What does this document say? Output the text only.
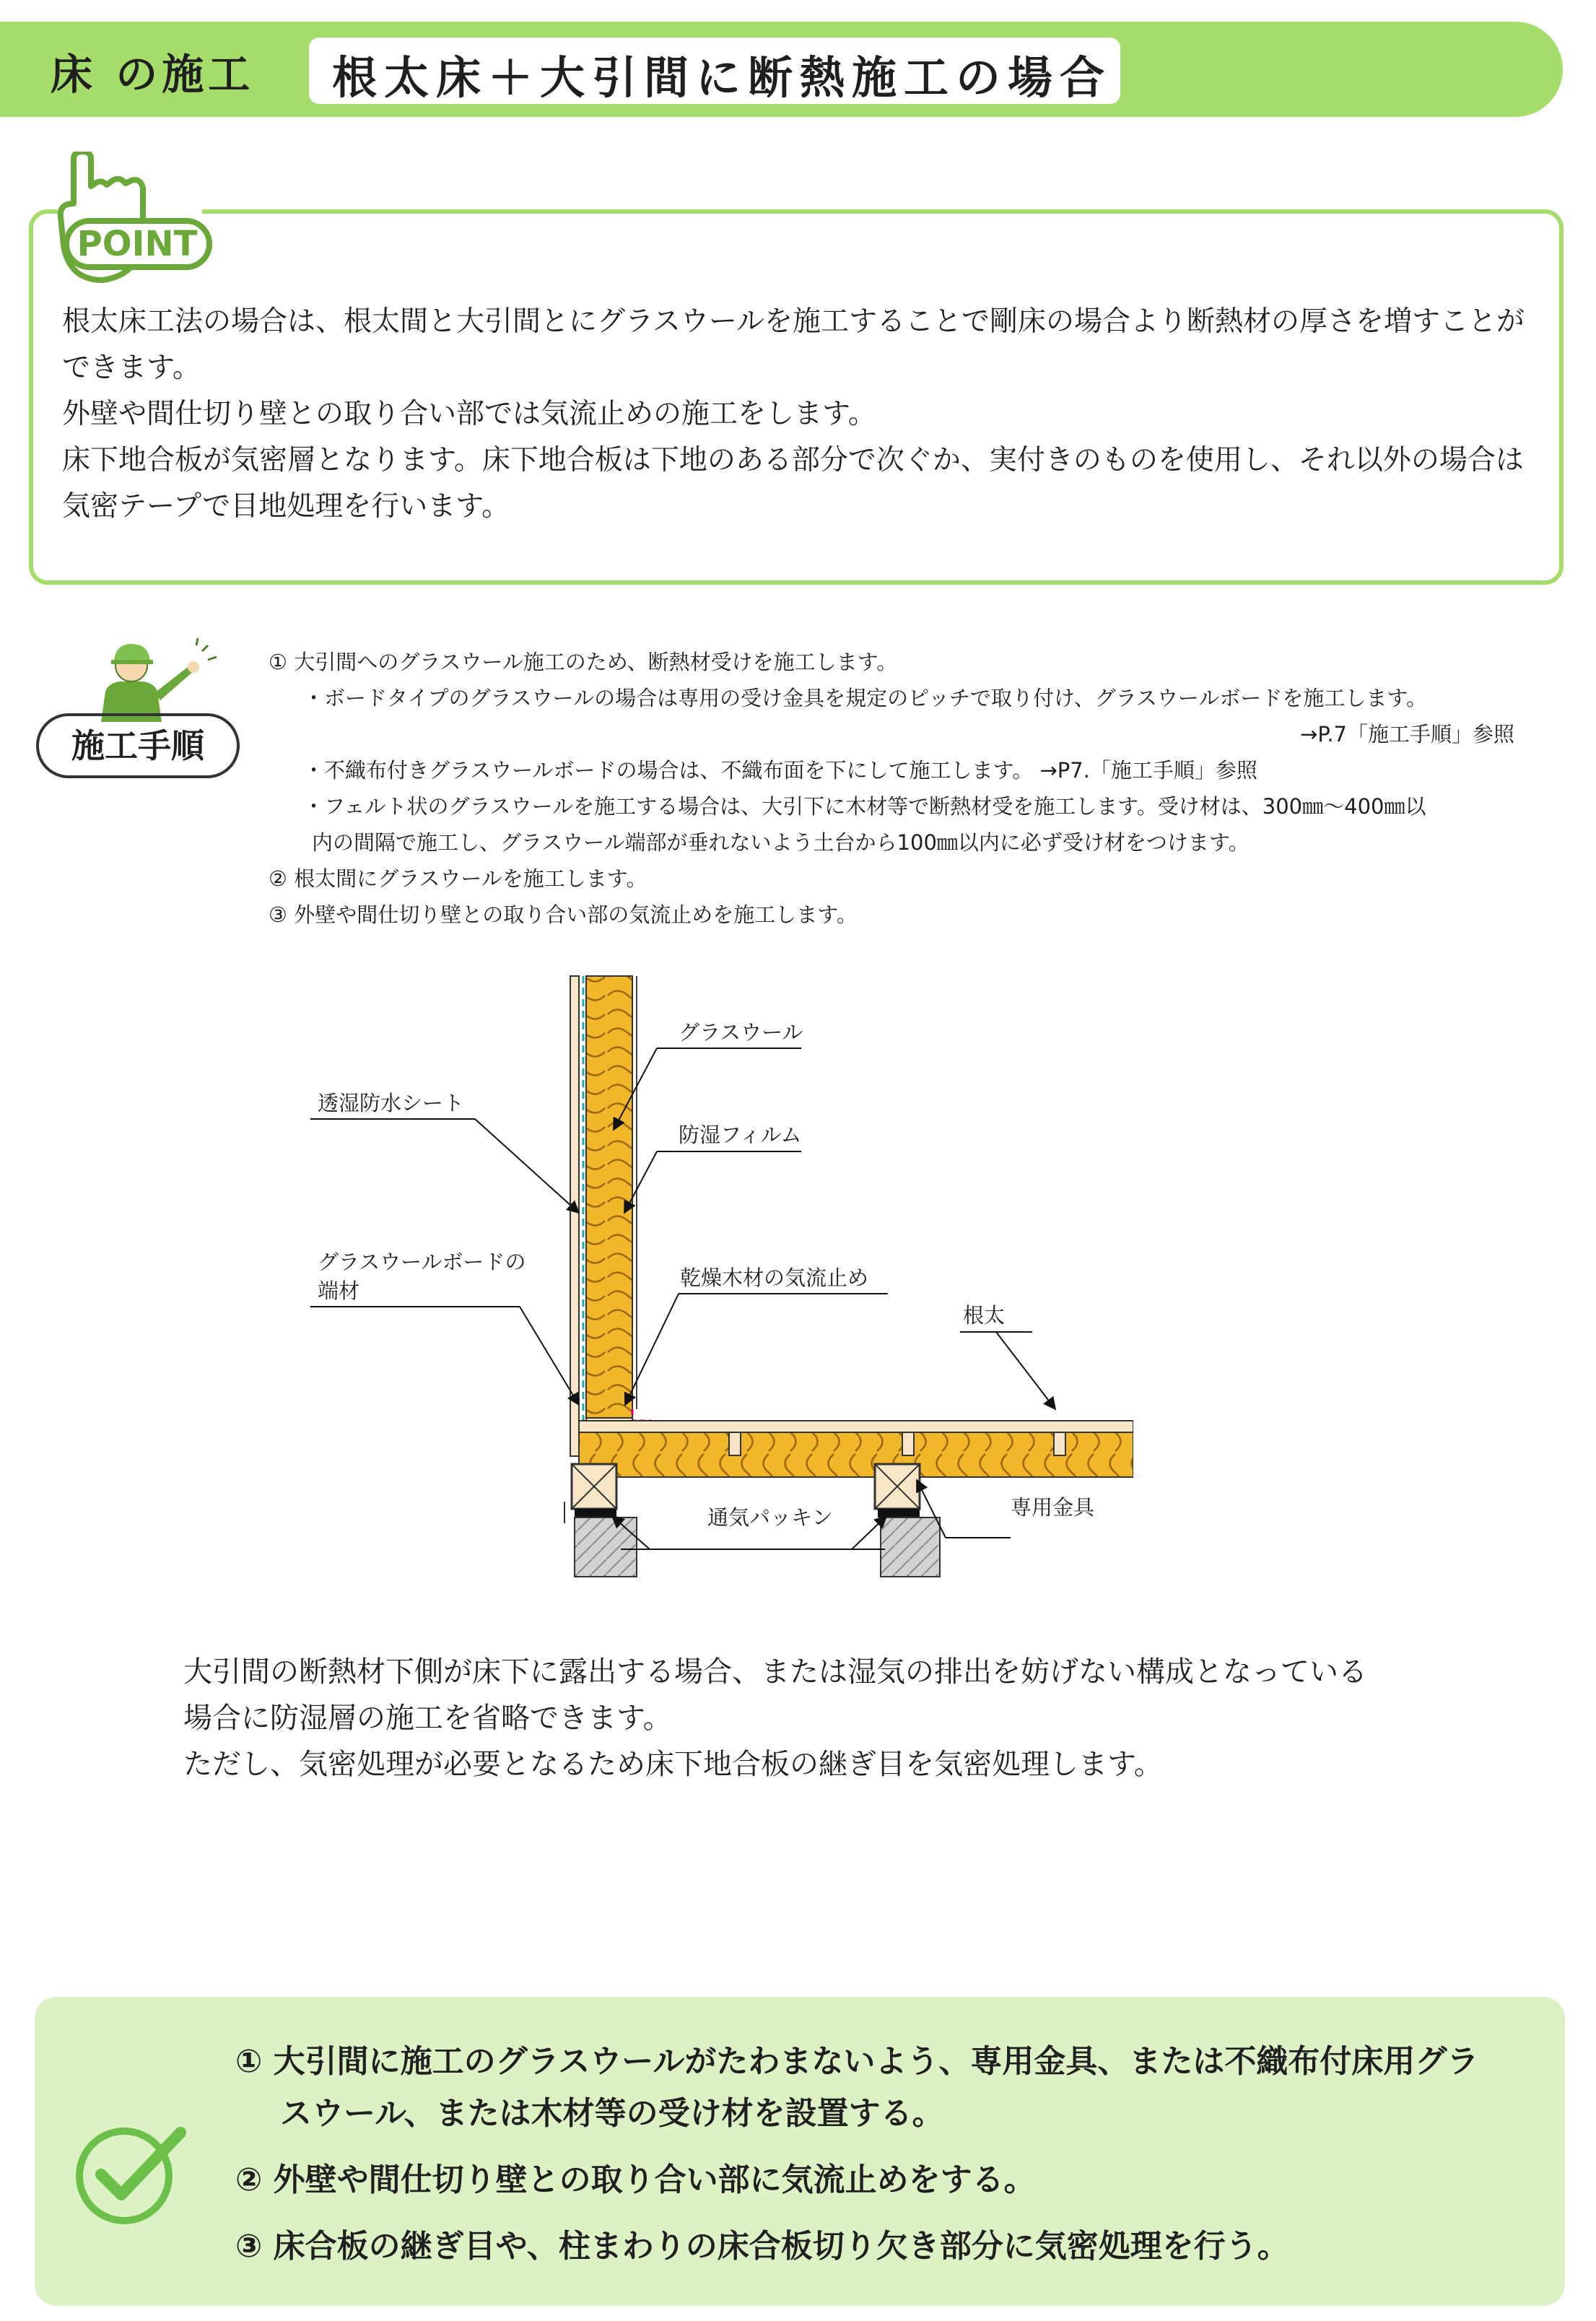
床 の施工 根太床＋大引間に断熱施工の場合
POINT

根太床工法の場合は、根太間と大引間とにグラスウールを施工することで剛床の場合より断熱材の厚さを増すことができます。

外壁や間仕切り壁との取り合い部では気流止めの施工をします。

床下地合板が気密層となります。床下地合板は下地のある部分で次ぐか、実付きのものを使用し、それ以外の場合は気密テープで目地処理を行います。

施工手順
① 大引間へのグラスウール施工のため、断熱材受けを施工します。
・ボードタイプのグラスウールの場合は専用の受け金具を規定のピッチで取り付け、グラスウールボードを施工します。
→P.7「施工手順」参照
・不織布付きグラスウールボードの場合は、不織布面を下にして施工します。 →P7.「施工手順」参照
・フェルト状のグラスウールを施工する場合は、大引下に木材等で断熱材受を施工します。受け材は、300㎜～400㎜以
内の間隔で施工し、グラスウール端部が垂れないよう土台から100㎜以内に必ず受け材をつけます。
② 根太間にグラスウールを施工します。
③ 外壁や間仕切り壁との取り合い部の気流止めを施工します。
グラスウール
透湿防水シート
防湿フィルム
グラスウールボードの
端材
乾燥木材の気流止め
根太
通気パッキン	専用金具

大引間の断熱材下側が床下に露出する場合、または湿気の排出を妨げない構成となっている

場合に防湿層の施工を省略できます。

ただし、気密処理が必要となるため床下地合板の継ぎ目を気密処理します。

① 大引間に施工のグラスウールがたわまないよう、専用金具、または不織布付床用グラ
スウール、または木材等の受け材を設置する。
② 外壁や間仕切り壁との取り合い部に気流止めをする。
③ 床合板の継ぎ目や、柱まわりの床合板切り欠き部分に気密処理を行う。
